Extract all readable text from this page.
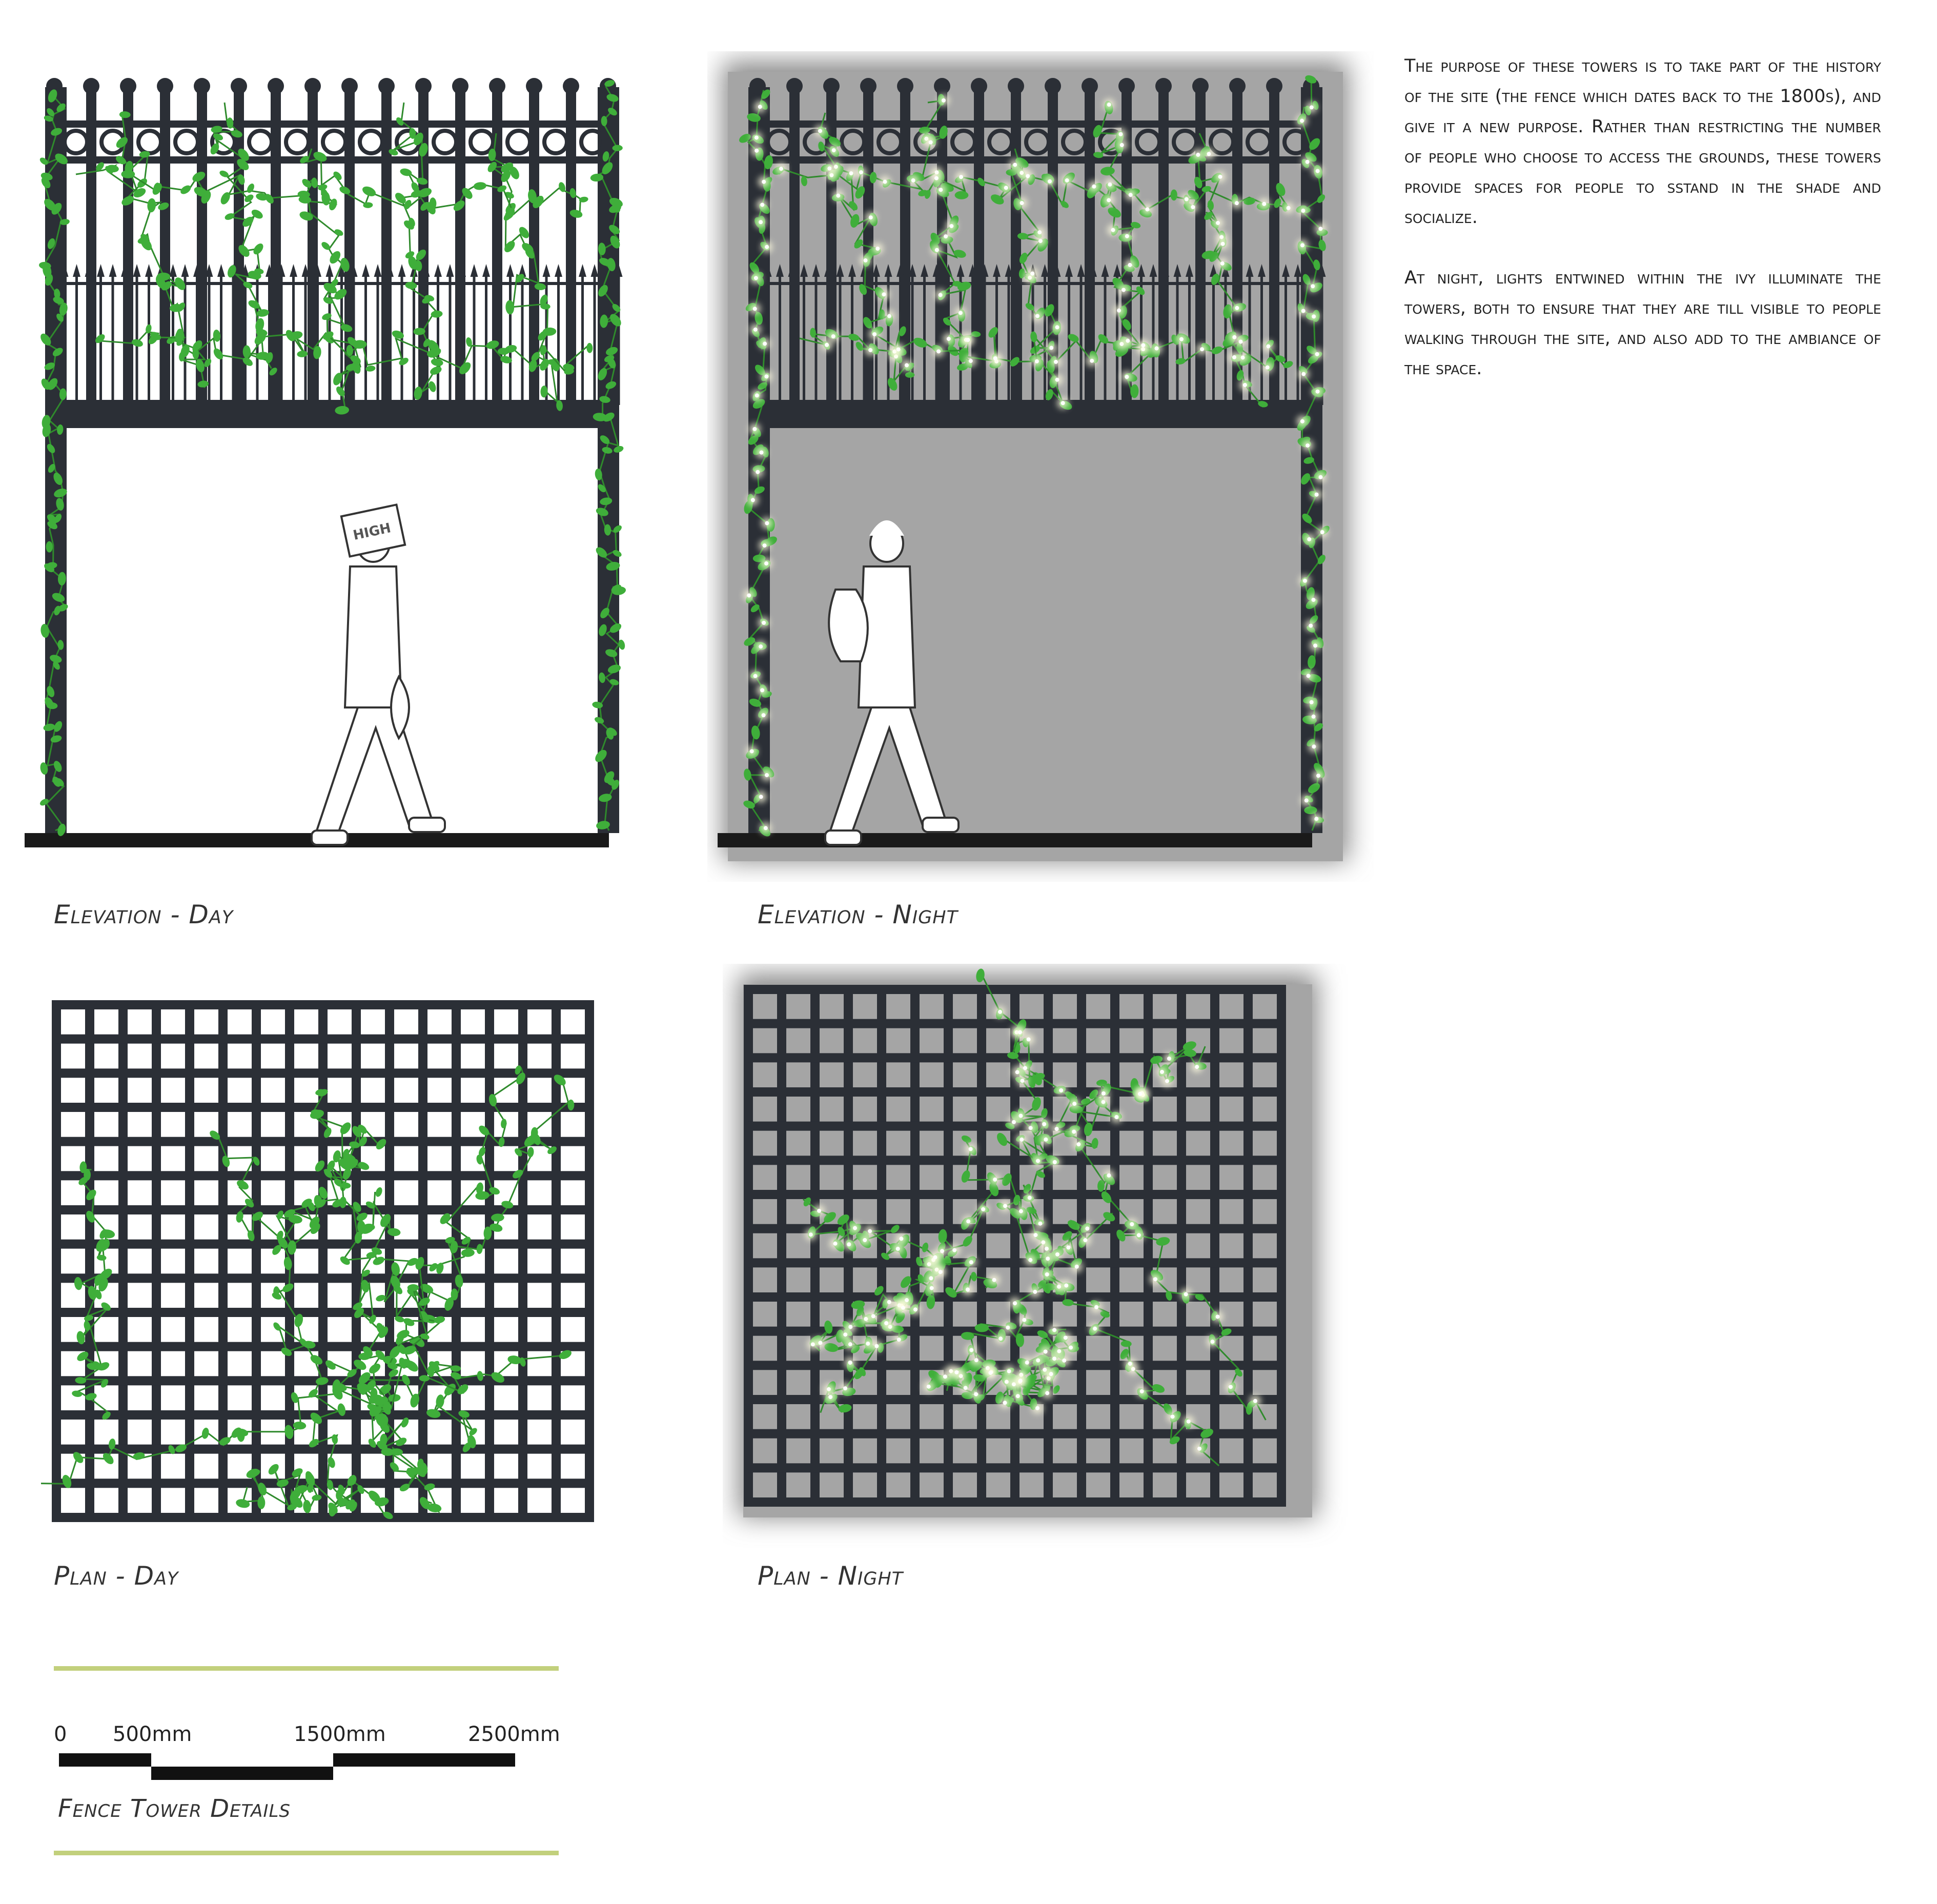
HIGH
Elevation - Day	Elevation - Night
Plan - Day	Plan - Night

The purpose of these towers is to take part of the history of the site (the fence which dates back to the 1800s), and give it a new purpose. Rather than restricting the number of people who choose to access the grounds, these towers provide spaces for people to sstand in the shade and socialize.

At night, lights entwined within the ivy illuminate the towers, both to ensure that they are till visible to people walking through the site, and also add to the ambiance of the space.

0 500mm	1500mm	2500mm
Fence Tower Details
